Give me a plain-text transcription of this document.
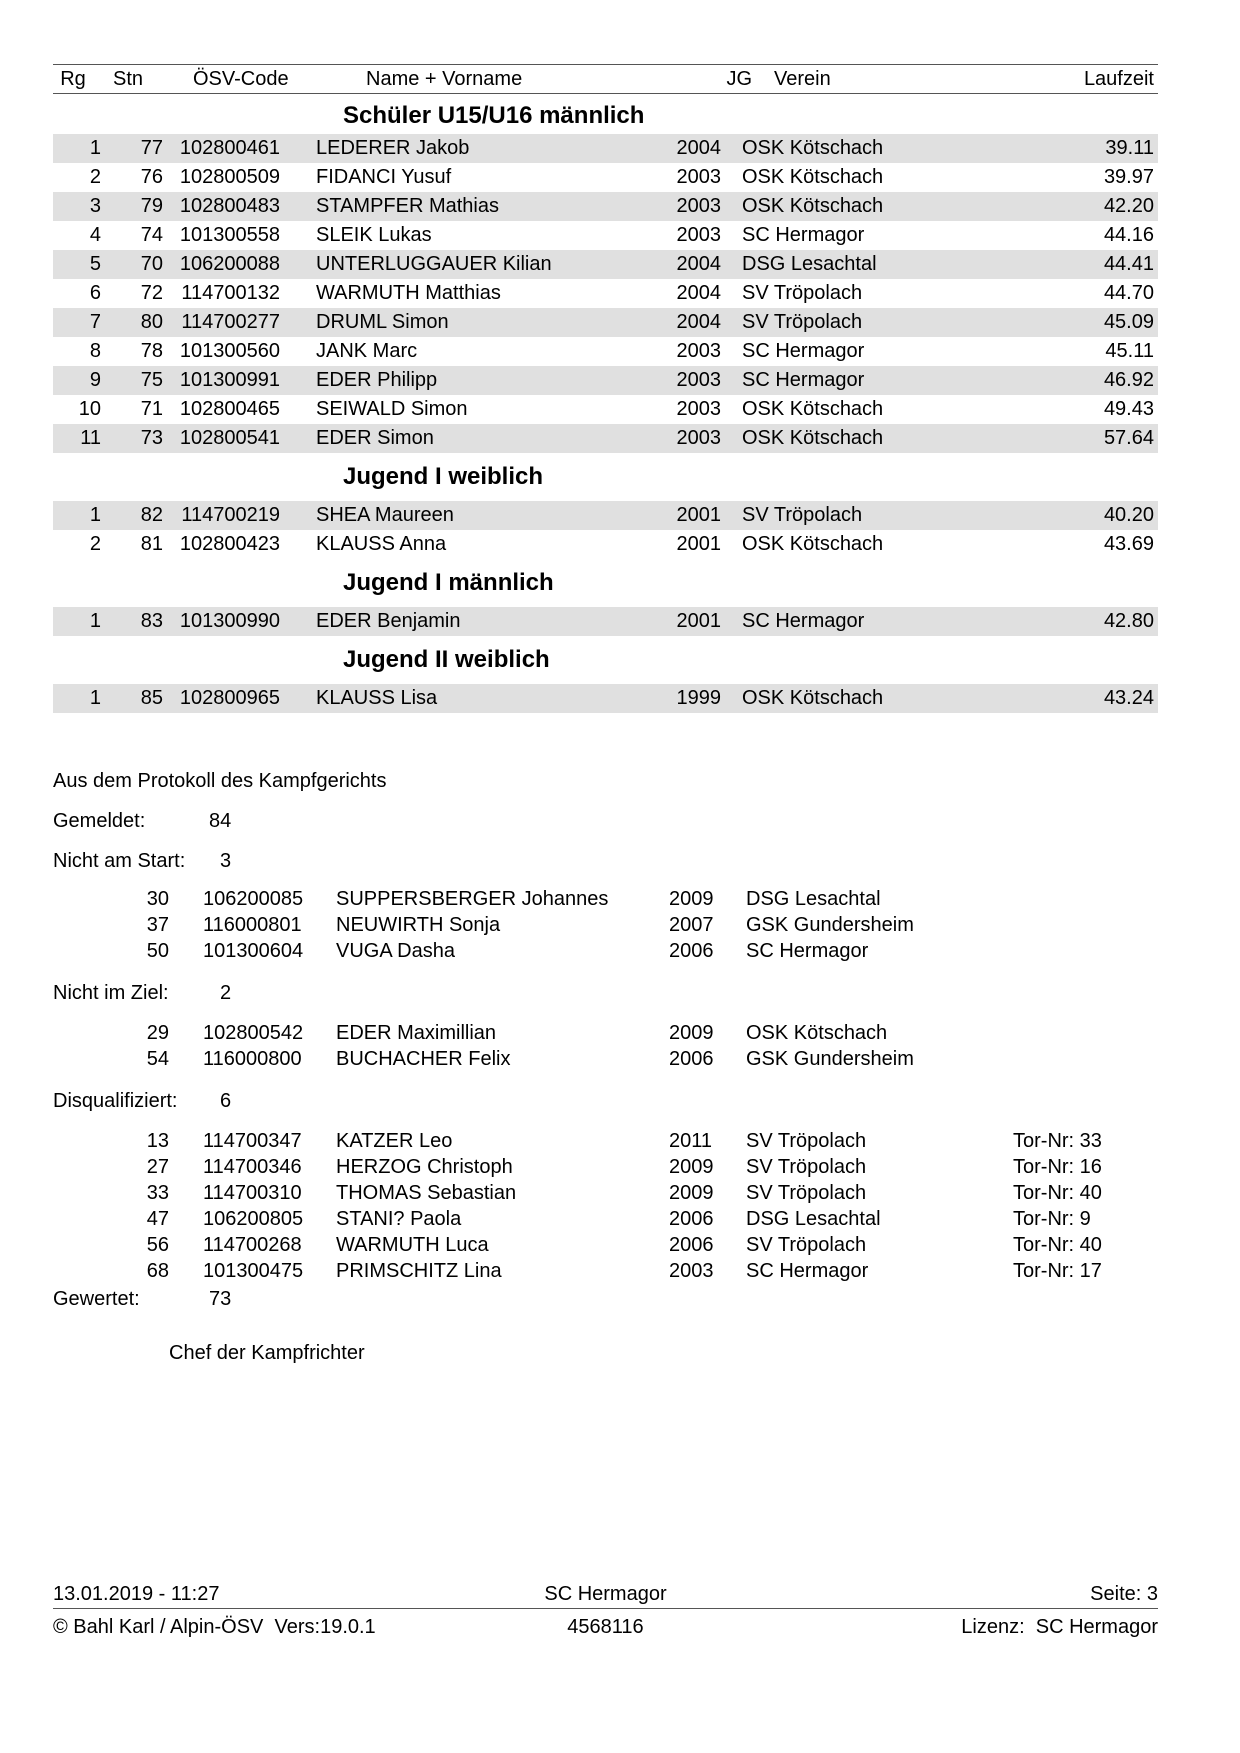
Rg	Stn	ÖSV-Code	Name + Vorname	JG	Verein	Laufzeit
Schüler U15/U16 männlich
1	77 102800461	LEDERER Jakob	2004	OSK Kötschach	39.11
2	76 102800509	FIDANCI Yusuf	2003	OSK Kötschach	39.97
3	79 102800483	STAMPFER Mathias	2003	OSK Kötschach	42.20
4	74 101300558	SLEIK Lukas	2003	SC Hermagor	44.16
5	70 106200088	UNTERLUGGAUER Kilian	2004	DSG Lesachtal	44.41
6	72 114700132	WARMUTH Matthias	2004	SV Tröpolach	44.70
7	80 114700277	DRUML Simon	2004	SV Tröpolach	45.09
8	78 101300560	JANK Marc	2003	SC Hermagor	45.11
9	75 101300991	EDER Philipp	2003	SC Hermagor	46.92
10	71 102800465	SEIWALD Simon	2003	OSK Kötschach	49.43
11	73 102800541	EDER Simon	2003	OSK Kötschach	57.64
Jugend I weiblich
1	82 114700219	SHEA Maureen	2001	SV Tröpolach	40.20
2	81 102800423	KLAUSS Anna	2001	OSK Kötschach	43.69
Jugend I männlich
1	83 101300990	EDER Benjamin	2001	SC Hermagor	42.80
Jugend II weiblich
1	85 102800965	KLAUSS Lisa	1999	OSK Kötschach	43.24
Aus dem Protokoll des Kampfgerichts
Gemeldet:	84
Nicht am Start: 3
30 106200085 SUPPERSBERGER Johannes	2009 DSG Lesachtal
37 116000801 NEUWIRTH Sonja	2007 GSK Gundersheim
50 101300604 VUGA Dasha	2006 SC Hermagor
Nicht im Ziel:	2
29 102800542 EDER Maximillian	2009 OSK Kötschach
54 116000800 BUCHACHER Felix	2006 GSK Gundersheim
Disqualifiziert: 6
13 114700347 KATZER Leo	2011 SV Tröpolach	Tor-Nr: 33
27 114700346 HERZOG Christoph	2009 SV Tröpolach	Tor-Nr: 16
33 114700310 THOMAS Sebastian	2009 SV Tröpolach	Tor-Nr: 40
47 106200805 STANI? Paola	2006 DSG Lesachtal	Tor-Nr: 9
56 114700268 WARMUTH Luca	2006 SV Tröpolach	Tor-Nr: 40
68 101300475 PRIMSCHITZ Lina	2003 SC Hermagor	Tor-Nr: 17
Gewertet:	73
Chef der Kampfrichter
13.01.2019 - 11:27	SC Hermagor	Seite: 3
© Bahl Karl / Alpin-ÖSV  Vers:19.0.1	4568116	Lizenz:  SC Hermagor
